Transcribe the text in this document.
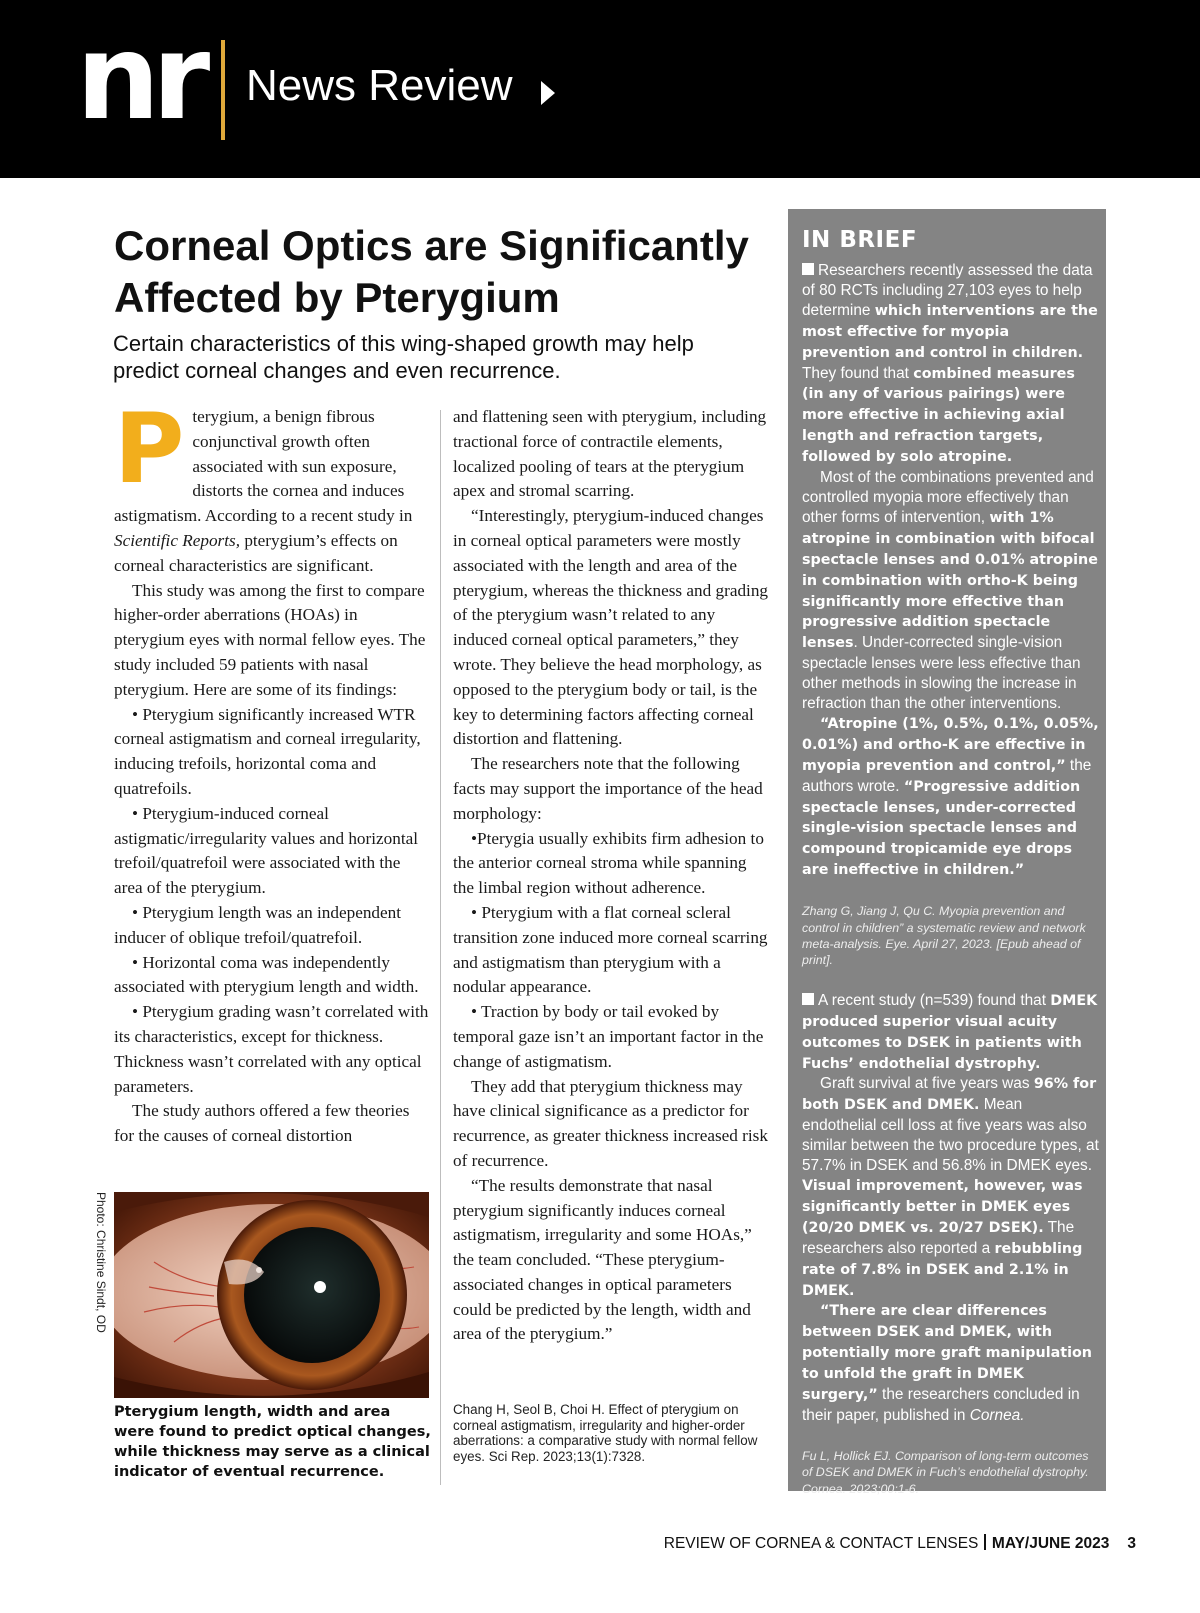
nr News Review
Corneal Optics are Significantly Affected by Pterygium

Certain characteristics of this wing-shaped growth may help predict corneal changes and even recurrence.

Pterygium, a benign fibrous conjunctival growth often associated with sun exposure, distorts the cornea and induces astigmatism. According to a recent study in Scientific Reports, pterygium’s effects on corneal characteristics are significant.

This study was among the first to compare higher-order aberrations (HOAs) in pterygium eyes with normal fellow eyes. The study included 59 patients with nasal pterygium. Here are some of its findings:

• Pterygium significantly increased WTR corneal astigmatism and corneal irregularity, inducing trefoils, horizontal coma and quatrefoils.

• Pterygium-induced corneal astigmatic/irregularity values and horizontal trefoil/quatrefoil were associated with the area of the pterygium.

• Pterygium length was an independent inducer of oblique trefoil/quatrefoil.

• Horizontal coma was independently associated with pterygium length and width.

• Pterygium grading wasn’t correlated with its characteristics, except for thickness. Thickness wasn’t correlated with any optical parameters.

The study authors offered a few theories for the causes of corneal distortion

and flattening seen with pterygium, including tractional force of contractile elements, localized pooling of tears at the pterygium apex and stromal scarring.

“Interestingly, pterygium-induced changes in corneal optical parameters were mostly associated with the length and area of the pterygium, whereas the thickness and grading of the pterygium wasn’t related to any induced corneal optical parameters,” they wrote. They believe the head morphology, as opposed to the pterygium body or tail, is the key to determining factors affecting corneal distortion and flattening.

The researchers note that the following facts may support the importance of the head morphology:

•Pterygia usually exhibits firm adhesion to the anterior corneal stroma while spanning the limbal region without adherence.

• Pterygium with a flat corneal scleral transition zone induced more corneal scarring and astigmatism than pterygium with a nodular appearance.

• Traction by body or tail evoked by temporal gaze isn’t an important factor in the change of astigmatism.

They add that pterygium thickness may have clinical significance as a predictor for recurrence, as greater thickness increased risk of recurrence.

“The results demonstrate that nasal pterygium significantly induces corneal astigmatism, irregularity and some HOAs,” the team concluded. “These pterygium-associated changes in optical parameters could be predicted by the length, width and area of the pterygium.”

Photo: Christine Sindt, OD

Pterygium length, width and area were found to predict optical changes, while thickness may serve as a clinical indicator of eventual recurrence.

Chang H, Seol B, Choi H. Effect of pterygium on corneal astigmatism, irregularity and higher-order aberrations: a comparative study with normal fellow eyes. Sci Rep. 2023;13(1):7328.

IN BRIEF

Researchers recently assessed the data of 80 RCTs including 27,103 eyes to help determine which interventions are the most effective for myopia prevention and control in children. They found that combined measures (in any of various pairings) were more effective in achieving axial length and refraction targets, followed by solo atropine.

Most of the combinations prevented and controlled myopia more effectively than other forms of intervention, with 1% atropine in combination with bifocal spectacle lenses and 0.01% atropine in combination with ortho-K being significantly more effective than progressive addition spectacle lenses. Under-corrected single-vision spectacle lenses were less effective than other methods in slowing the increase in refraction than the other interventions.

“Atropine (1%, 0.5%, 0.1%, 0.05%, 0.01%) and ortho-K are effective in myopia prevention and control,” the authors wrote. “Progressive addition spectacle lenses, under-corrected single-vision spectacle lenses and compound tropicamide eye drops are ineffective in children.”

Zhang G, Jiang J, Qu C. Myopia prevention and control in children” a systematic review and network meta-analysis. Eye. April 27, 2023. [Epub ahead of print].

A recent study (n=539) found that DMEK produced superior visual acuity outcomes to DSEK in patients with Fuchs’ endothelial dystrophy.

Graft survival at five years was 96% for both DSEK and DMEK. Mean endothelial cell loss at five years was also similar between the two procedure types, at 57.7% in DSEK and 56.8% in DMEK eyes. Visual improvement, however, was significantly better in DMEK eyes (20/20 DMEK vs. 20/27 DSEK). The researchers also reported a rebubbling rate of 7.8% in DSEK and 2.1% in DMEK.

“There are clear differences between DSEK and DMEK, with potentially more graft manipulation to unfold the graft in DMEK surgery,” the researchers concluded in their paper, published in Cornea.

Fu L, Hollick EJ. Comparison of long-term outcomes of DSEK and DMEK in Fuch’s endothelial dystrophy. Cornea. 2023;00:1-6.

REVIEW OF CORNEA & CONTACT LENSES MAY/JUNE 2023 3
